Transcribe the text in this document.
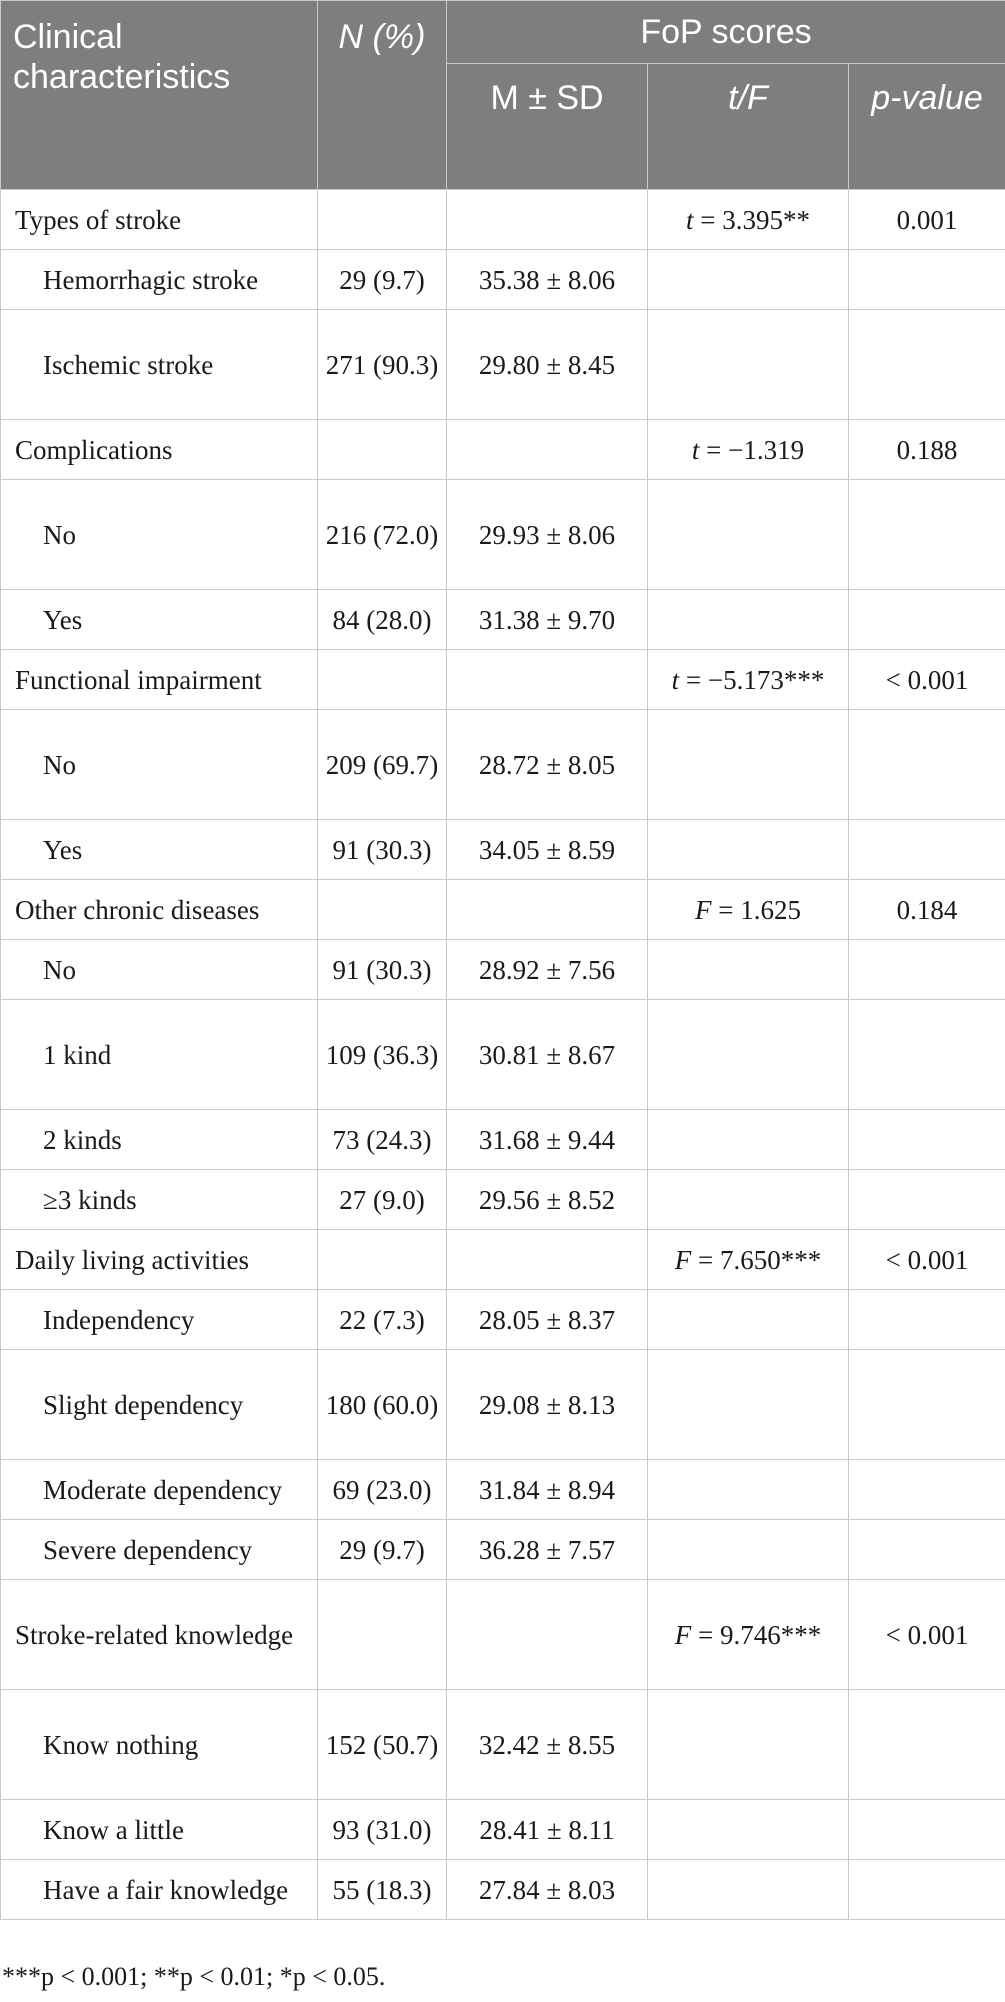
Clinical characteristics	N (%)	FoP scores		
		M ± SD	t/F	p-value
Types of stroke			t = 3.395**	0.001
Hemorrhagic stroke	29 (9.7)	35.38 ± 8.06		
Ischemic stroke	271 (90.3)	29.80 ± 8.45		
Complications			t = −1.319	0.188
No	216 (72.0)	29.93 ± 8.06		
Yes	84 (28.0)	31.38 ± 9.70		
Functional impairment			t = −5.173***	< 0.001
No	209 (69.7)	28.72 ± 8.05		
Yes	91 (30.3)	34.05 ± 8.59		
Other chronic diseases			F = 1.625	0.184
No	91 (30.3)	28.92 ± 7.56		
1 kind	109 (36.3)	30.81 ± 8.67		
2 kinds	73 (24.3)	31.68 ± 9.44		
≥3 kinds	27 (9.0)	29.56 ± 8.52		
Daily living activities			F = 7.650***	< 0.001
Independency	22 (7.3)	28.05 ± 8.37		
Slight dependency	180 (60.0)	29.08 ± 8.13		
Moderate dependency	69 (23.0)	31.84 ± 8.94		
Severe dependency	29 (9.7)	36.28 ± 7.57		
Stroke-related knowledge			F = 9.746***	< 0.001
Know nothing	152 (50.7)	32.42 ± 8.55		
Know a little	93 (31.0)	28.41 ± 8.11		
Have a fair knowledge	55 (18.3)	27.84 ± 8.03		
***p < 0.001; **p < 0.01; *p < 0.05.
